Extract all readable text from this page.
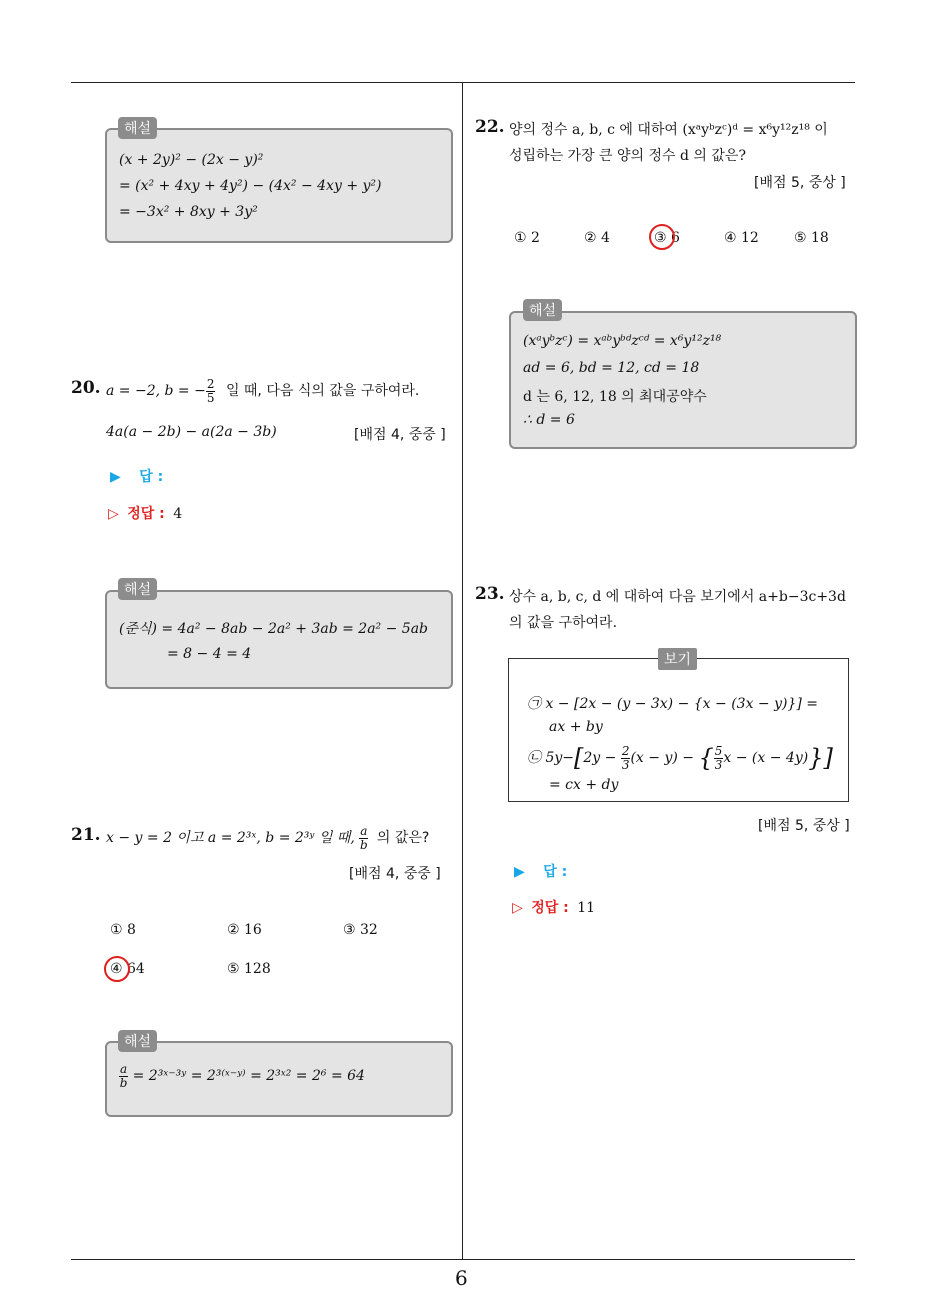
6
(x + 2y)² − (2x − y)²
= (x² + 4xy + 4y²) − (4x² − 4xy + y²)
= −3x² + 8xy + 3y²
해설
20. a = −2, b = − $\frac{2}{5}$ 일 때, 다음 식의 값을 구하여라.
4a(a − 2b) − a(2a − 3b)	[배점 4, 중중 ]
▶ 답 :
▷ 정답 : 4
(준식) = 4a² − 8ab − 2a² + 3ab = 2a² − 5ab
= 8 − 4 = 4
해설
21. x − y = 2 이고 a = 2³ˣ, b = 2³ʸ 일 때, $\frac{a}{b}$ 의 값은?
[배점 4, 중중 ]
① 8	② 16	③ 32
④ 64	⑤ 128
$\frac{a}{b}$ = 2³ˣ⁻³ʸ = 2³⁽ˣ⁻ʸ⁾ = 2³ˣ² = 2⁶ = 64
해설
22. 양의 정수 a, b, c 에 대하여 (xᵃyᵇzᶜ)ᵈ = x⁶y¹²z¹⁸ 이
성립하는 가장 큰 양의 정수 d 의 값은?
[배점 5, 중상 ]
① 2	② 4	③ 6	④ 12	⑤ 18
(xᵃyᵇzᶜ) = xᵃᵇyᵇᵈzᶜᵈ = x⁶y¹²z¹⁸
ad = 6, bd = 12, cd = 18
d 는 6, 12, 18 의 최대공약수
∴ d = 6
해설
23. 상수 a, b, c, d 에 대하여 다음 보기에서 a+b−3c+3d
의 값을 구하여라.
㉠ x − [2x − (y − 3x) − {x − (3x − y)}] =
ax + by
㉡ $5y-[2y - \frac{2}{3} (x - y)$ − { $\frac{5}{3}$ x − (x − 4y)}]
= cx + dy
보기
[배점 5, 중상 ]
▶ 답 :
▷ 정답 : 11
